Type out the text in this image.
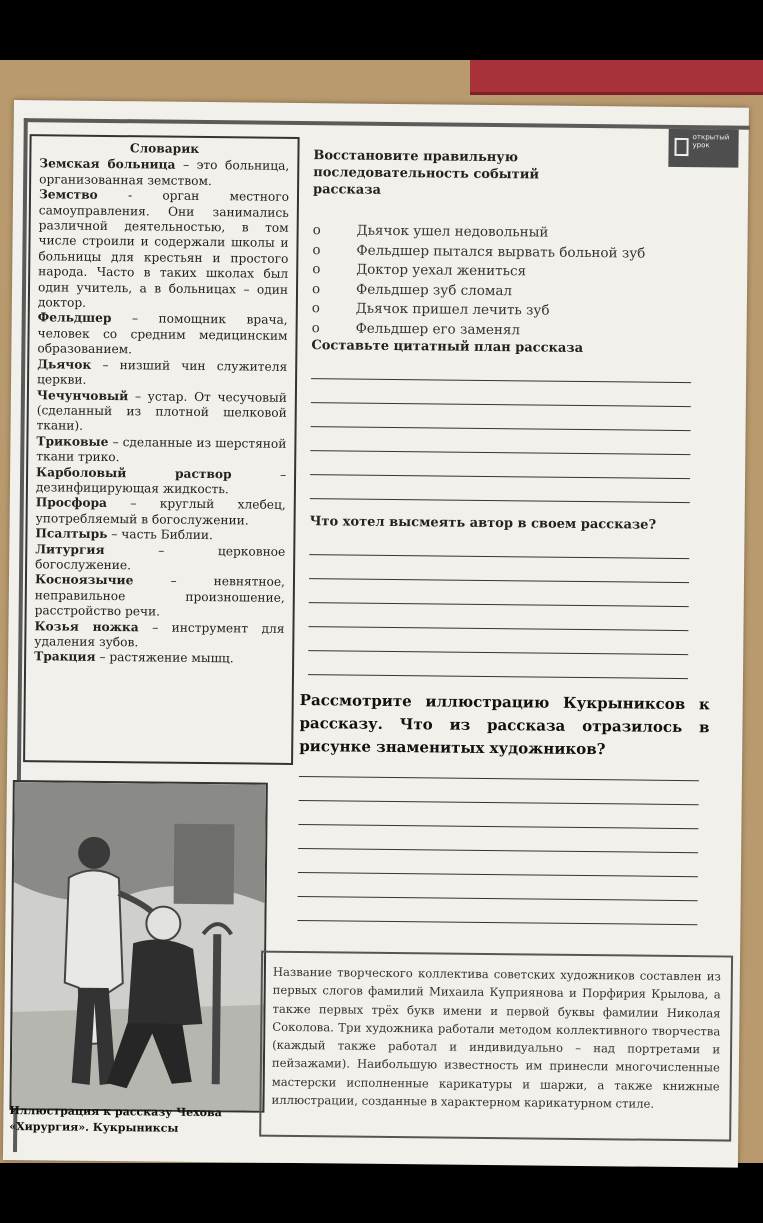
открытый урок
Словарик
Земская больница – это больница, организованная земством.
Земство - орган местного самоуправления. Они занимались различной деятельностью, в том числе строили и содержали школы и больницы для крестьян и простого народа. Часто в таких школах был один учитель, а в больницах – один доктор.
Фельдшер – помощник врача, человек со средним медицинским образованием.
Дьячок – низший чин служителя церкви.
Чечунчовый – устар. От чесучовый (сделанный из плотной шелковой ткани).
Триковые – сделанные из шерстяной ткани трико.
Карболовый раствор – дезинфицирующая жидкость.
Просфора – круглый хлебец, употребляемый в богослужении.
Псалтырь – часть Библии.
Литургия – церковное богослужение.
Косноязычие – невнятное, неправильное произношение, расстройство речи.
Козья ножка – инструмент для удаления зубов.
Тракция – растяжение мышц.
Восстановите правильную последовательность событий рассказа
o	Дьячок ушел недовольный
o	Фельдшер пытался вырвать больной зуб
o	Доктор уехал жениться
o	Фельдшер зуб сломал
o	Дьячок пришел лечить зуб
o	Фельдшер его заменял
Составьте цитатный план рассказа
Что хотел высмеять автор в своем рассказе?
Рассмотрите иллюстрацию Кукрыниксов к рассказу. Что из рассказа отразилось в рисунке знаменитых художников?
Иллюстрация к рассказу Чехова «Хирургия». Кукрыниксы
Название творческого коллектива советских художников составлен из первых слогов фамилий Михаила Куприянова и Порфирия Крылова, а также первых трёх букв имени и первой буквы фамилии Николая Соколова. Три художника работали методом коллективного творчества (каждый также работал и индивидуально – над портретами и пейзажами). Наибольшую известность им принесли многочисленные мастерски исполненные карикатуры и шаржи, а также книжные иллюстрации, созданные в характерном карикатурном стиле.
